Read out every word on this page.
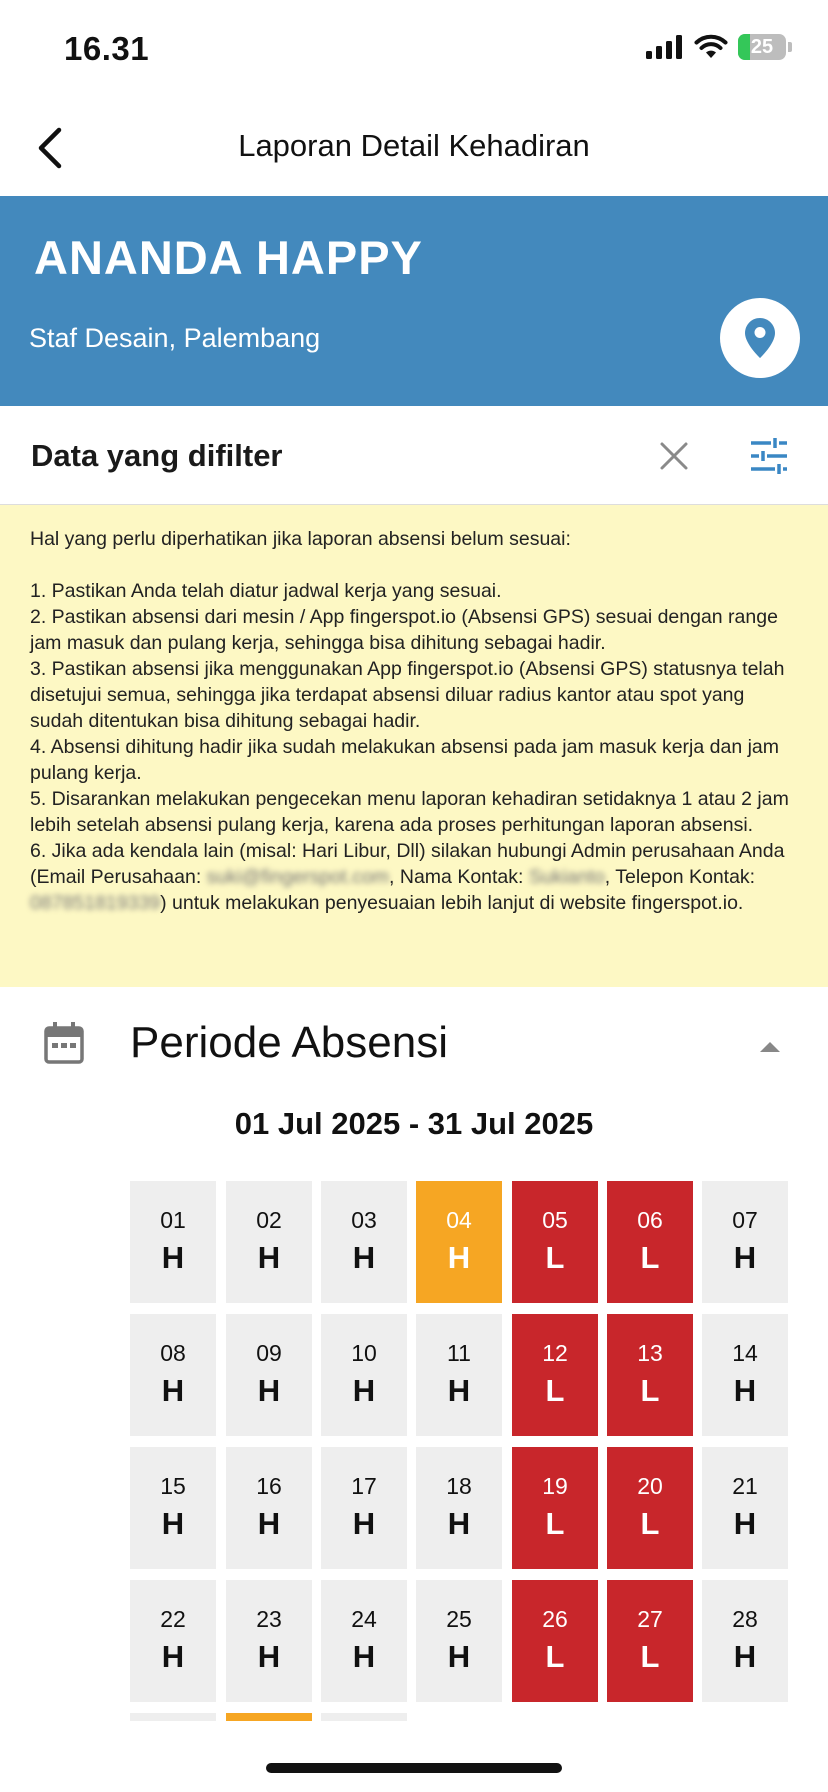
16.31	25
Laporan Detail Kehadiran
ANANDA HAPPY
Staf Desain, Palembang
Data yang difilter

Hal yang perlu diperhatikan jika laporan absensi belum sesuai:

1. Pastikan Anda telah diatur jadwal kerja yang sesuai.

2. Pastikan absensi dari mesin / App fingerspot.io (Absensi GPS) sesuai dengan range jam masuk dan pulang kerja, sehingga bisa dihitung sebagai hadir.

3. Pastikan absensi jika menggunakan App fingerspot.io (Absensi GPS) statusnya telah disetujui semua, sehingga jika terdapat absensi diluar radius kantor atau spot yang sudah ditentukan bisa dihitung sebagai hadir.

4. Absensi dihitung hadir jika sudah melakukan absensi pada jam masuk kerja dan jam pulang kerja.

5. Disarankan melakukan pengecekan menu laporan kehadiran setidaknya 1 atau 2 jam lebih setelah absensi pulang kerja, karena ada proses perhitungan laporan absensi.

6. Jika ada kendala lain (misal: Hari Libur, Dll) silakan hubungi Admin perusahaan Anda (Email Perusahaan: suki@fingerspot.com, Nama Kontak: Sukianto, Telepon Kontak: 087851819339) untuk melakukan penyesuaian lebih lanjut di website fingerspot.io.

Periode Absensi
01 Jul 2025 - 31 Jul 2025
01
H
02
H
03
H
04
H
05
L
06
L
07
H
08
H
09
H
10
H
11
H
12
L
13
L
14
H
15
H
16
H
17
H
18
H
19
L
20
L
21
H
22
H
23
H
24
H
25
H
26
L
27
L
28
H
